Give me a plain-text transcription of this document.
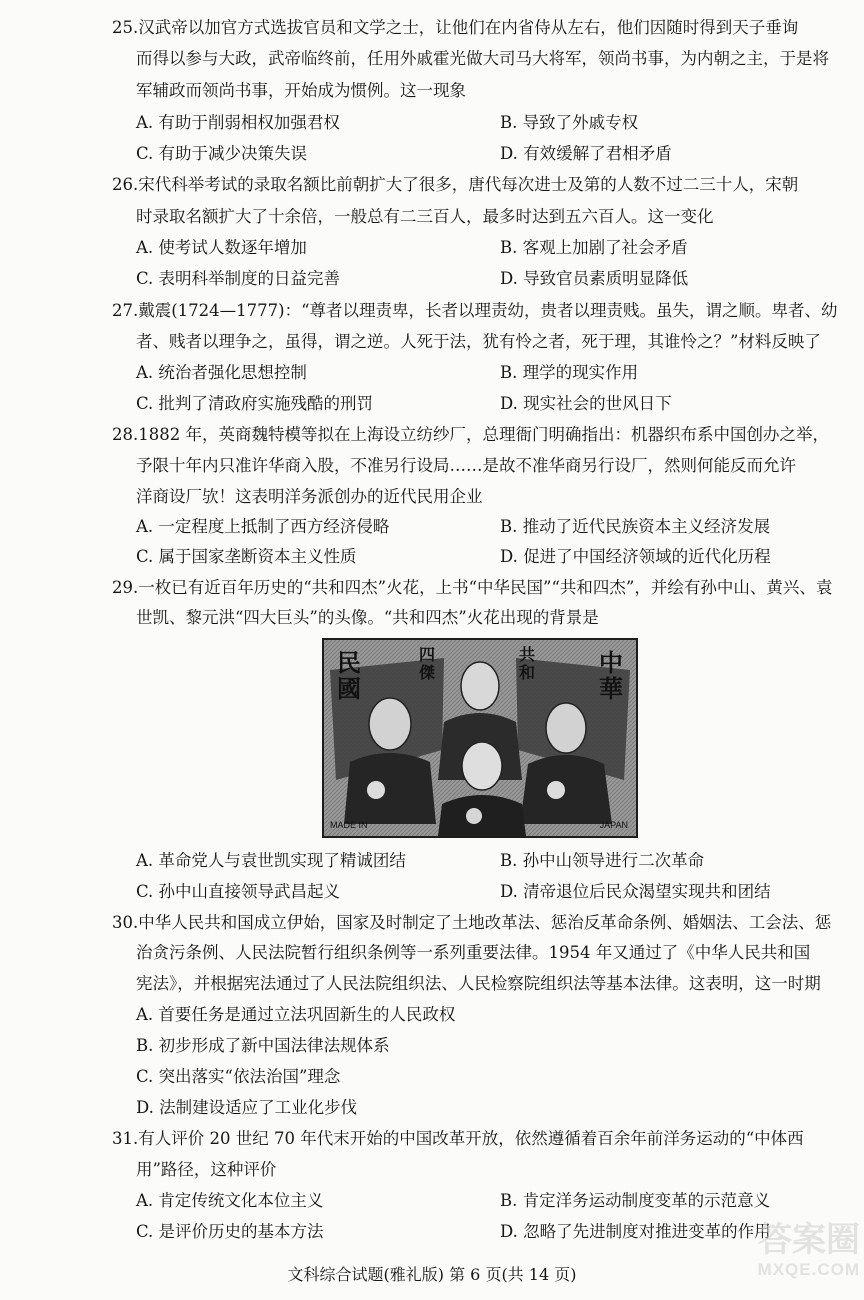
25.汉武帝以加官方式选拔官员和文学之士，让他们在内省侍从左右，他们因随时得到天子垂询
而得以参与大政，武帝临终前，任用外戚霍光做大司马大将军，领尚书事，为内朝之主，于是将
军辅政而领尚书事，开始成为惯例。这一现象
A. 有助于削弱相权加强君权	B. 导致了外戚专权
C. 有助于减少决策失误	D. 有效缓解了君相矛盾
26.宋代科举考试的录取名额比前朝扩大了很多，唐代每次进士及第的人数不过二三十人，宋朝
时录取名额扩大了十余倍，一般总有二三百人，最多时达到五六百人。这一变化
A. 使考试人数逐年增加	B. 客观上加剧了社会矛盾
C. 表明科举制度的日益完善	D. 导致官员素质明显降低
27.戴震(1724—1777)：“尊者以理责卑，长者以理责幼，贵者以理责贱。虽失，谓之顺。卑者、幼
者、贱者以理争之，虽得，谓之逆。人死于法，犹有怜之者，死于理，其谁怜之？”材料反映了
A. 统治者强化思想控制	B. 理学的现实作用
C. 批判了清政府实施残酷的刑罚	D. 现实社会的世风日下
28.1882 年，英商魏特模等拟在上海设立纺纱厂，总理衙门明确指出：机器织布系中国创办之举，
予限十年内只准许华商入股，不准另行设局……是故不准华商另行设厂，然则何能反而允许
洋商设厂欤！这表明洋务派创办的近代民用企业
A. 一定程度上抵制了西方经济侵略	B. 推动了近代民族资本主义经济发展
C. 属于国家垄断资本主义性质	D. 促进了中国经济领域的近代化历程
29.一枚已有近百年历史的“共和四杰”火花，上书“中华民国”“共和四杰”，并绘有孙中山、黄兴、袁
世凯、黎元洪“四大巨头”的头像。“共和四杰”火花出现的背景是
民國
四傑
共和	中華
MADE IN	JAPAN
A. 革命党人与袁世凯实现了精诚团结	B. 孙中山领导进行二次革命
C. 孙中山直接领导武昌起义	D. 清帝退位后民众渴望实现共和团结
30.中华人民共和国成立伊始，国家及时制定了土地改革法、惩治反革命条例、婚姻法、工会法、惩
治贪污条例、人民法院暂行组织条例等一系列重要法律。1954 年又通过了《中华人民共和国
宪法》，并根据宪法通过了人民法院组织法、人民检察院组织法等基本法律。这表明，这一时期
A. 首要任务是通过立法巩固新生的人民政权
B. 初步形成了新中国法律法规体系
C. 突出落实“依法治国”理念
D. 法制建设适应了工业化步伐
31.有人评价 20 世纪 70 年代末开始的中国改革开放，依然遵循着百余年前洋务运动的“中体西
用”路径，这种评价
A. 肯定传统文化本位主义	B. 肯定洋务运动制度变革的示范意义
C. 是评价历史的基本方法	D. 忽略了先进制度对推进变革的作用
文科综合试题(雅礼版) 第 6 页(共 14 页)
答案圈
MXQE.COM
